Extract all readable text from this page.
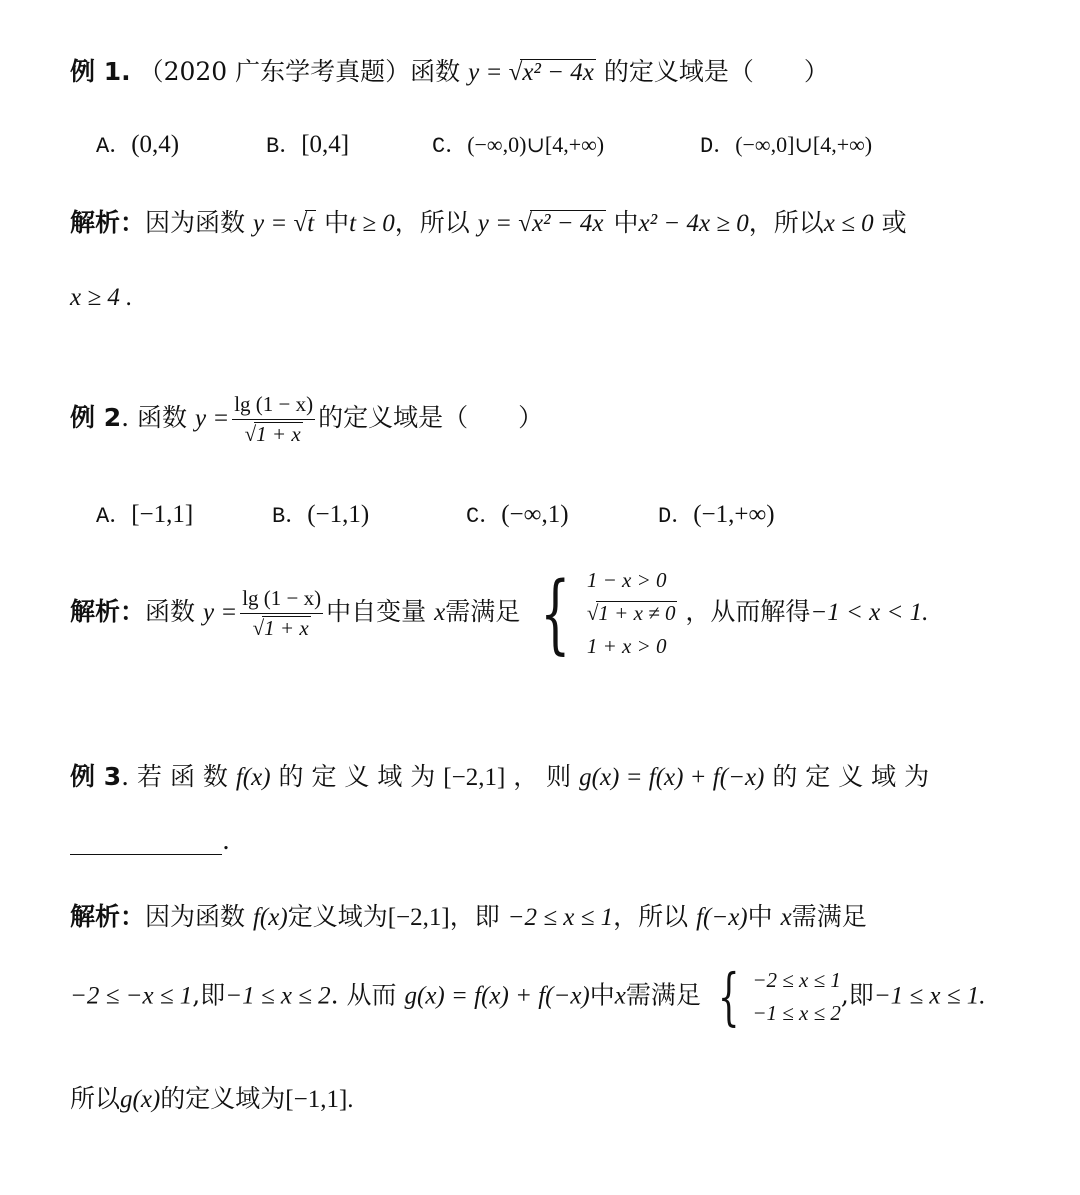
例 1. （2020 广东学考真题）函数 y = √x² − 4x 的定义域是（　　）
A．(0,4)	B．[0,4]	C．(−∞,0)∪[4,+∞)	D．(−∞,0]∪[4,+∞)
解析：因为函数 y = √t 中t ≥ 0，所以 y = √x² − 4x 中x² − 4x ≥ 0，所以x ≤ 0 或
x ≥ 4 .
例 2. 函数 $y = \frac{\lg (1 - x)}{√1 + x}$ 的定义域是（　　）
A．[−1,1]	B．(−1,1)	C．(−∞,1)	D．(−1,+∞)
解析：函数 $y = \frac{\lg (1 - x)}{√1 + x}$ 中自变量 x需满足 { 1 − x > 0
√1 + x ≠ 0
1 + x > 0
，从而解得−1 < x < 1.
例 3. 若 函 数 f(x) 的 定 义 域 为 [−2,1] ， 则 g(x) = f(x) + f(−x) 的 定 义 域 为
.
解析：因为函数 f(x)定义域为[−2,1]，即 −2 ≤ x ≤ 1，所以 f(−x)中 x需满足
−2 ≤ −x ≤ 1,即−1 ≤ x ≤ 2. 从而 g(x) = f(x) + f(−x)中x需满足 { −2 ≤ x ≤ 1
−1 ≤ x ≤ 2
,即−1 ≤ x ≤ 1.
所以g(x)的定义域为[−1,1].
